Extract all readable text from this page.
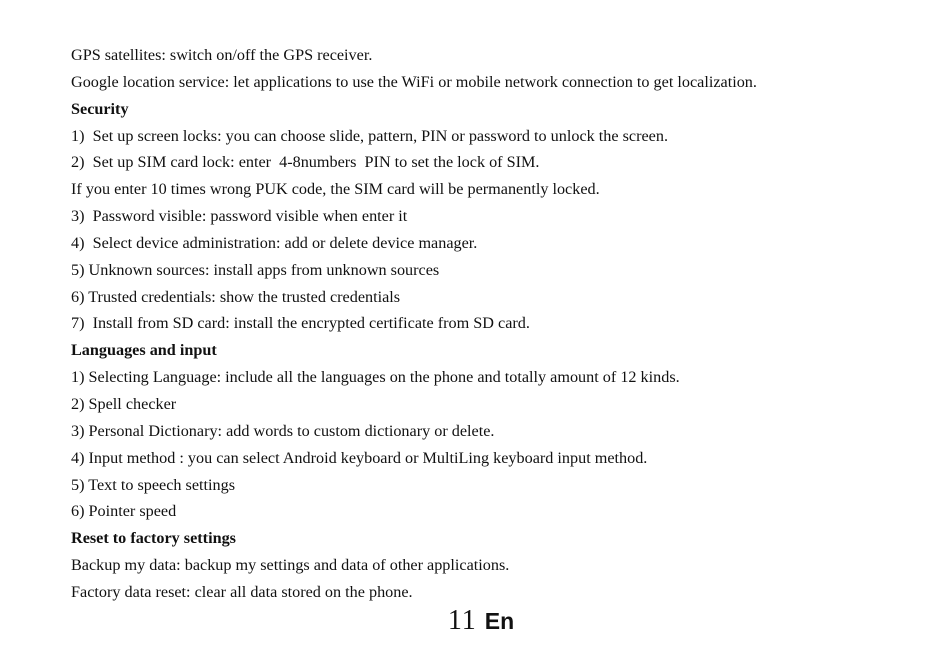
GPS satellites: switch on/off the GPS receiver.
Google location service: let applications to use the WiFi or mobile network connection to get localization.
Security
1)  Set up screen locks: you can choose slide, pattern, PIN or password to unlock the screen.
2)  Set up SIM card lock: enter  4-8numbers  PIN to set the lock of SIM.
If you enter 10 times wrong PUK code, the SIM card will be permanently locked.
3)  Password visible: password visible when enter it
4)  Select device administration: add or delete device manager.
5) Unknown sources: install apps from unknown sources
6) Trusted credentials: show the trusted credentials
7)  Install from SD card: install the encrypted certificate from SD card.
Languages and input
1) Selecting Language: include all the languages on the phone and totally amount of 12 kinds.
2) Spell checker
3) Personal Dictionary: add words to custom dictionary or delete.
4) Input method : you can select Android keyboard or MultiLing keyboard input method.
5) Text to speech settings
6) Pointer speed
Reset to factory settings
Backup my data: backup my settings and data of other applications.
Factory data reset: clear all data stored on the phone.
11 En
